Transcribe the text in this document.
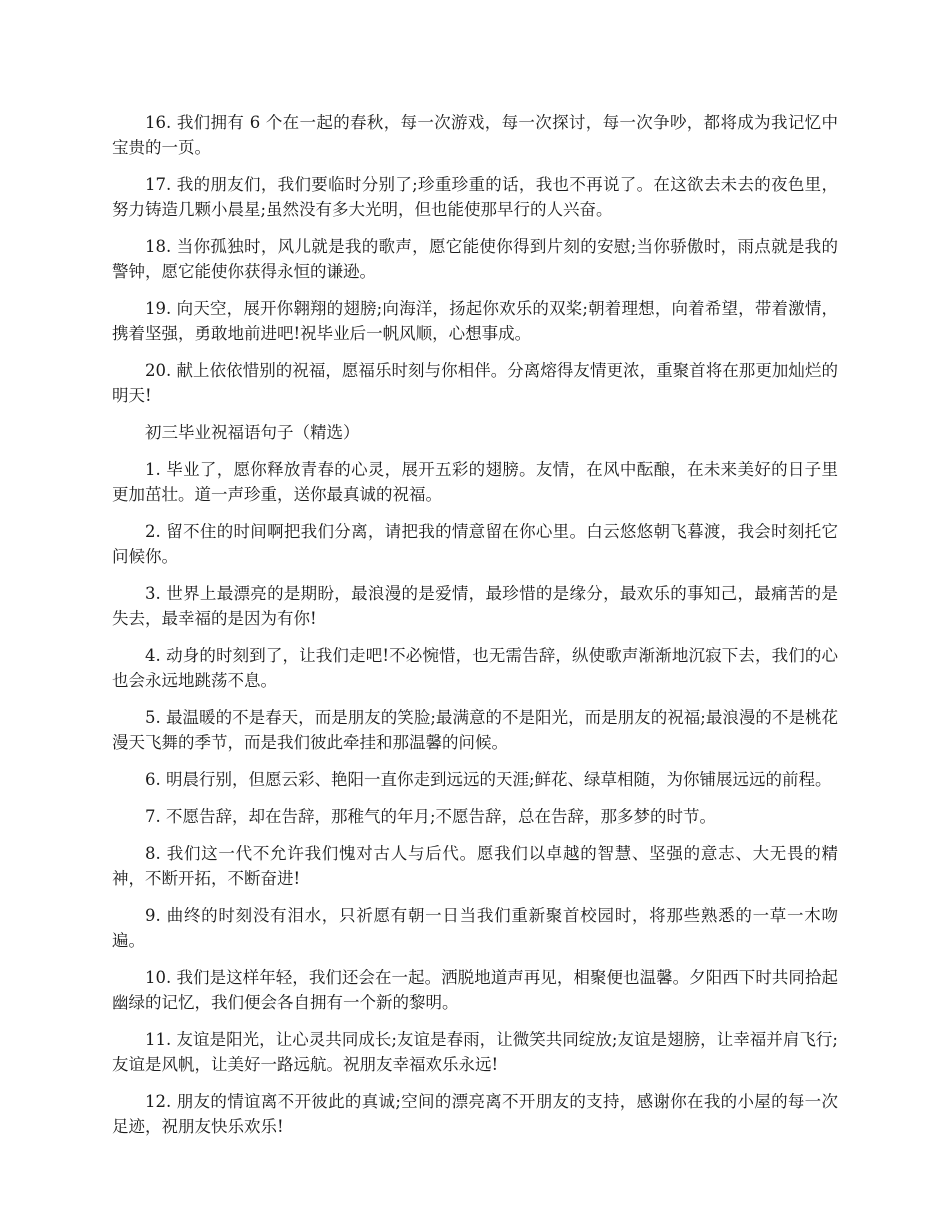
16. 我们拥有 6 个在一起的春秋，每一次游戏，每一次探讨，每一次争吵，都将成为我记忆中宝贵的一页。

17. 我的朋友们，我们要临时分别了;珍重珍重的话，我也不再说了。在这欲去未去的夜色里，努力铸造几颗小晨星;虽然没有多大光明，但也能使那早行的人兴奋。

18. 当你孤独时，风儿就是我的歌声，愿它能使你得到片刻的安慰;当你骄傲时，雨点就是我的警钟，愿它能使你获得永恒的谦逊。

19. 向天空，展开你翱翔的翅膀;向海洋，扬起你欢乐的双桨;朝着理想，向着希望，带着激情，携着坚强，勇敢地前进吧!祝毕业后一帆风顺，心想事成。

20. 献上依依惜别的祝福，愿福乐时刻与你相伴。分离熔得友情更浓，重聚首将在那更加灿烂的明天!

初三毕业祝福语句子（精选）

1. 毕业了，愿你释放青春的心灵，展开五彩的翅膀。友情，在风中酝酿，在未来美好的日子里更加茁壮。道一声珍重，送你最真诚的祝福。

2. 留不住的时间啊把我们分离，请把我的情意留在你心里。白云悠悠朝飞暮渡，我会时刻托它问候你。

3. 世界上最漂亮的是期盼，最浪漫的是爱情，最珍惜的是缘分，最欢乐的事知己，最痛苦的是失去，最幸福的是因为有你!

4. 动身的时刻到了，让我们走吧!不必惋惜，也无需告辞，纵使歌声渐渐地沉寂下去，我们的心也会永远地跳荡不息。

5. 最温暖的不是春天，而是朋友的笑脸;最满意的不是阳光，而是朋友的祝福;最浪漫的不是桃花漫天飞舞的季节，而是我们彼此牵挂和那温馨的问候。

6. 明晨行别，但愿云彩、艳阳一直你走到远远的天涯;鲜花、绿草相随，为你铺展远远的前程。

7. 不愿告辞，却在告辞，那稚气的年月;不愿告辞，总在告辞，那多梦的时节。

8. 我们这一代不允许我们愧对古人与后代。愿我们以卓越的智慧、坚强的意志、大无畏的精神，不断开拓，不断奋进!

9. 曲终的时刻没有泪水，只祈愿有朝一日当我们重新聚首校园时，将那些熟悉的一草一木吻遍。

10. 我们是这样年轻，我们还会在一起。洒脱地道声再见，相聚便也温馨。夕阳西下时共同拾起幽绿的记忆，我们便会各自拥有一个新的黎明。

11. 友谊是阳光，让心灵共同成长;友谊是春雨，让微笑共同绽放;友谊是翅膀，让幸福并肩飞行;友谊是风帆，让美好一路远航。祝朋友幸福欢乐永远!

12. 朋友的情谊离不开彼此的真诚;空间的漂亮离不开朋友的支持，感谢你在我的小屋的每一次足迹，祝朋友快乐欢乐!
